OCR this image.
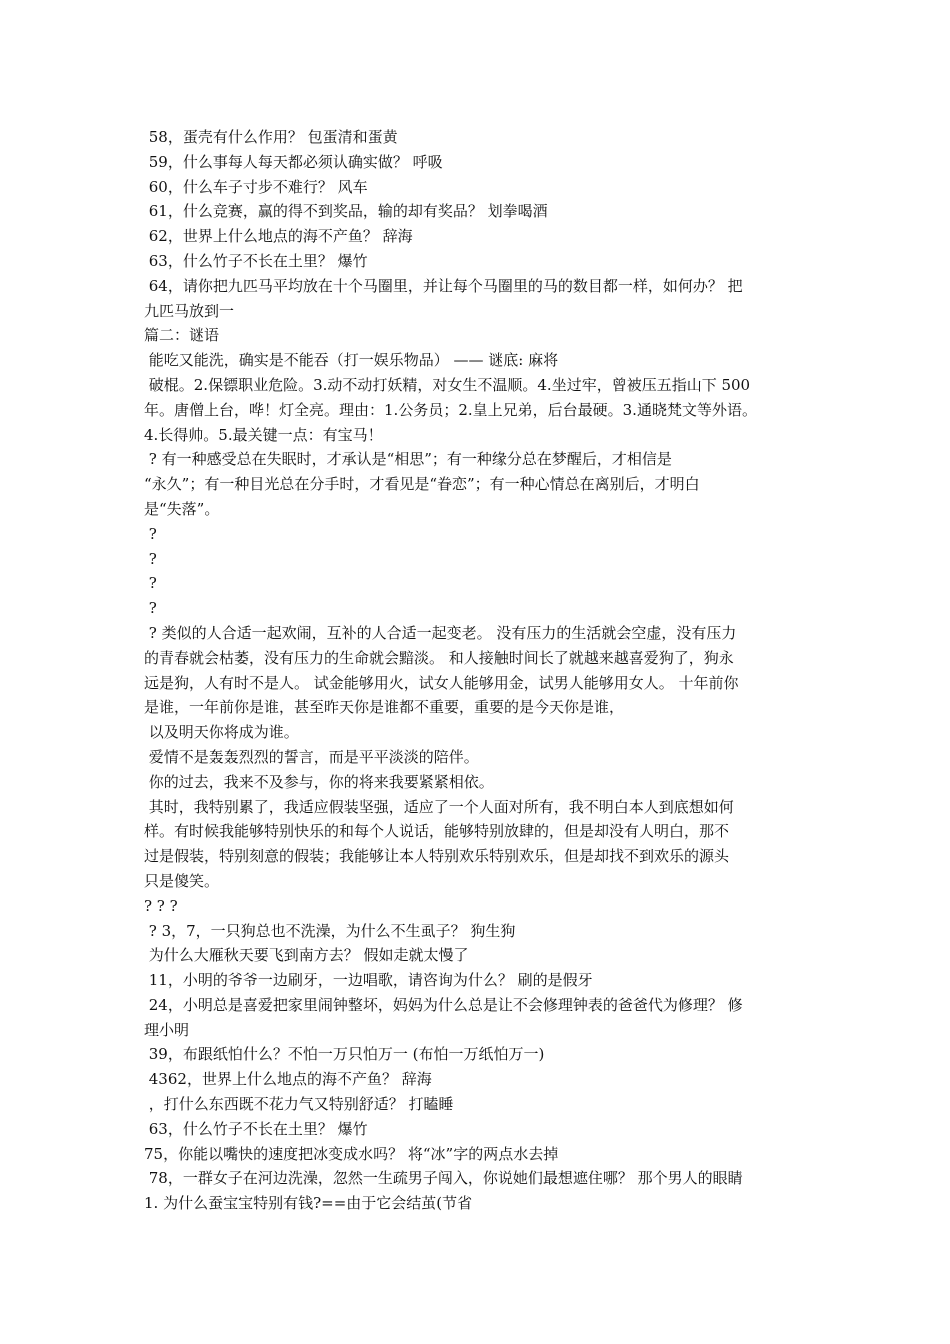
58，蛋壳有什么作用？ 包蛋清和蛋黄
59，什么事每人每天都必须认确实做？ 呼吸
60，什么车子寸步不难行？ 风车
61，什么竞赛，赢的得不到奖品，输的却有奖品？ 划拳喝酒
62，世界上什么地点的海不产鱼？ 辞海
63，什么竹子不长在土里？ 爆竹
64，请你把九匹马平均放在十个马圈里，并让每个马圈里的马的数目都一样，如何办？ 把
九匹马放到一
篇二：谜语
能吃又能洗，确实是不能吞（打一娱乐物品） —— 谜底: 麻将
破棍。2.保镖职业危险。3.动不动打妖精，对女生不温顺。4.坐过牢，曾被压五指山下 500
年。唐僧上台，哗！灯全亮。理由：1.公务员；2.皇上兄弟，后台最硬。3.通晓梵文等外语。
4.长得帅。5.最关键一点：有宝马！
? 有一种感受总在失眠时，才承认是“相思”；有一种缘分总在梦醒后，才相信是
“永久”；有一种目光总在分手时，才看见是“眷恋”；有一种心情总在离别后，才明白
是“失落”。
?
?
?
?
? 类似的人合适一起欢闹，互补的人合适一起变老。 没有压力的生活就会空虚，没有压力
的青春就会枯萎，没有压力的生命就会黯淡。 和人接触时间长了就越来越喜爱狗了，狗永
远是狗，人有时不是人。 试金能够用火，试女人能够用金，试男人能够用女人。 十年前你
是谁，一年前你是谁，甚至昨天你是谁都不重要，重要的是今天你是谁，
以及明天你将成为谁。
爱情不是轰轰烈烈的誓言，而是平平淡淡的陪伴。
你的过去，我来不及参与，你的将来我要紧紧相依。
其时，我特别累了，我适应假装坚强，适应了一个人面对所有，我不明白本人到底想如何
样。有时候我能够特别快乐的和每个人说话，能够特别放肆的，但是却没有人明白，那不
过是假装，特别刻意的假装；我能够让本人特别欢乐特别欢乐，但是却找不到欢乐的源头
只是傻笑。
? ? ?
? 3，7，一只狗总也不洗澡，为什么不生虱子？ 狗生狗
为什么大雁秋天要飞到南方去？ 假如走就太慢了
11，小明的爷爷一边刷牙，一边唱歌，请咨询为什么？ 刷的是假牙
24，小明总是喜爱把家里闹钟整坏，妈妈为什么总是让不会修理钟表的爸爸代为修理？ 修
理小明
39，布跟纸怕什么？不怕一万只怕万一 (布怕一万纸怕万一)
4362，世界上什么地点的海不产鱼？ 辞海
，打什么东西既不花力气又特别舒适？ 打瞌睡
63，什么竹子不长在土里？ 爆竹
75，你能以嘴快的速度把冰变成水吗？ 将“冰”字的两点水去掉
78，一群女子在河边洗澡，忽然一生疏男子闯入，你说她们最想遮住哪？ 那个男人的眼睛
1. 为什么蚕宝宝特别有钱?==由于它会结茧(节省
